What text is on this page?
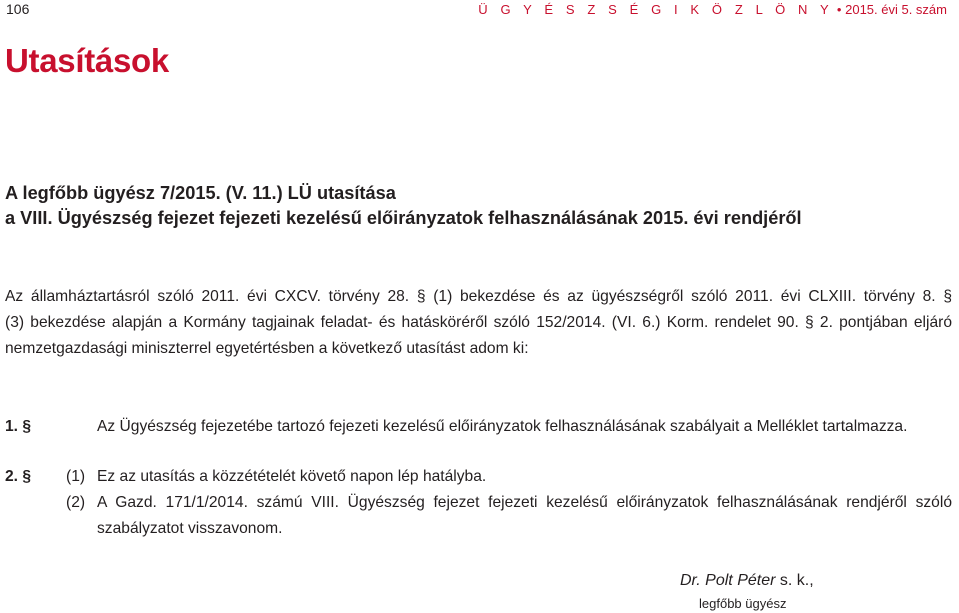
106	Ü G Y É S Z S É G I K Ö Z L Ö N Y • 2015. évi 5. szám
Utasítások
A legfőbb ügyész 7/2015. (V. 11.) LÜ utasítása
a VIII. Ügyészség fejezet fejezeti kezelésű előirányzatok felhasználásának 2015. évi rendjéről
Az államháztartásról szóló 2011. évi CXCV. törvény 28. § (1) bekezdése és az ügyészségről szóló 2011. évi CLXIII. törvény 8. §
(3) bekezdése alapján a Kormány tagjainak feladat- és hatásköréről szóló 152/2014. (VI. 6.) Korm. rendelet 90. § 2. pontjában eljáró
nemzetgazdasági miniszterrel egyetértésben a következő utasítást adom ki:
1. §	Az Ügyészség fejezetébe tartozó fejezeti kezelésű előirányzatok felhasználásának szabályait a Melléklet tartalmazza.
2. § (1) Ez az utasítás a közzétételét követő napon lép hatályba.
(2) A Gazd. 171/1/2014. számú VIII. Ügyészség fejezet fejezeti kezelésű előirányzatok felhasználásának rendjéről szóló
szabályzatot visszavonom.
Dr. Polt Péter s. k.,
legfőbb ügyész
